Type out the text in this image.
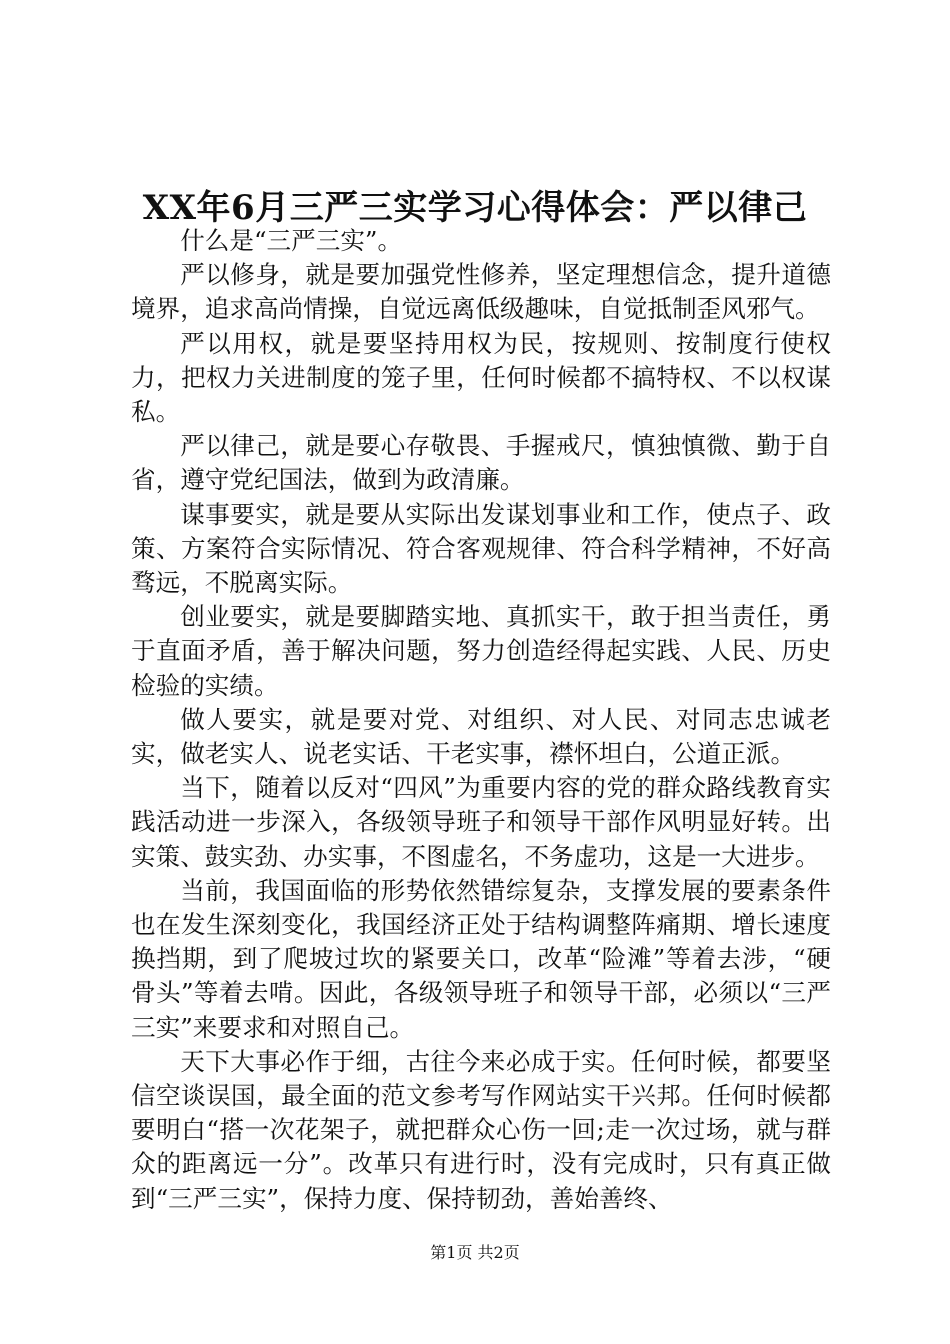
XX年6月三严三实学习心得体会：严以律己

什么是“三严三实”。

严以修身，就是要加强党性修养，坚定理想信念，提升道德境界，追求高尚情操，自觉远离低级趣味，自觉抵制歪风邪气。

严以用权，就是要坚持用权为民，按规则、按制度行使权力，把权力关进制度的笼子里，任何时候都不搞特权、不以权谋私。

严以律己，就是要心存敬畏、手握戒尺，慎独慎微、勤于自省，遵守党纪国法，做到为政清廉。

谋事要实，就是要从实际出发谋划事业和工作，使点子、政策、方案符合实际情况、符合客观规律、符合科学精神，不好高骛远，不脱离实际。

创业要实，就是要脚踏实地、真抓实干，敢于担当责任，勇于直面矛盾，善于解决问题，努力创造经得起实践、人民、历史检验的实绩。

做人要实，就是要对党、对组织、对人民、对同志忠诚老实，做老实人、说老实话、干老实事，襟怀坦白，公道正派。

当下，随着以反对“四风”为重要内容的党的群众路线教育实践活动进一步深入，各级领导班子和领导干部作风明显好转。出实策、鼓实劲、办实事，不图虚名，不务虚功，这是一大进步。

当前，我国面临的形势依然错综复杂，支撑发展的要素条件也在发生深刻变化，我国经济正处于结构调整阵痛期、增长速度换挡期，到了爬坡过坎的紧要关口，改革“险滩”等着去涉，“硬骨头”等着去啃。因此，各级领导班子和领导干部，必须以“三严三实”来要求和对照自己。

天下大事必作于细，古往今来必成于实。任何时候，都要坚信空谈误国，最全面的范文参考写作网站实干兴邦。任何时候都要明白“搭一次花架子，就把群众心伤一回;走一次过场，就与群众的距离远一分”。改革只有进行时，没有完成时，只有真正做到“三严三实”，保持力度、保持韧劲，善始善终、

第1页 共2页
